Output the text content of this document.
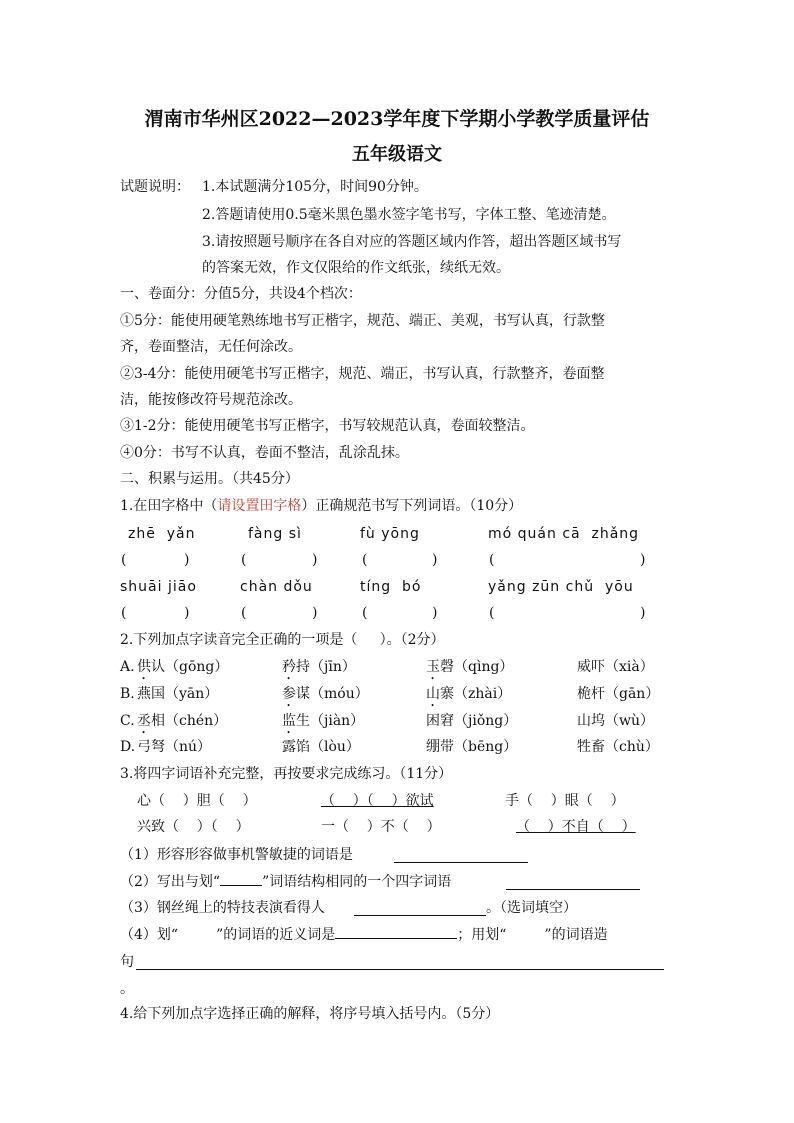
渭南市华州区2022—2023学年度下学期小学教学质量评估
五年级语文
试题说明： 1.本试题满分105分，时间90分钟。
2.答题请使用0.5毫米黑色墨水签字笔书写，字体工整、笔迹清楚。
3.请按照题号顺序在各自对应的答题区域内作答，超出答题区域书写
的答案无效，作文仅限给的作文纸张，续纸无效。
一、卷面分：分值5分，共设4个档次：
①5分：能使用硬笔熟练地书写正楷字，规范、端正、美观，书写认真，行款整
齐，卷面整洁，无任何涂改。
②3-4分：能使用硬笔书写正楷字，规范、端正，书写认真，行款整齐，卷面整
洁，能按修改符号规范涂改。
③1-2分：能使用硬笔书写正楷字，书写较规范认真，卷面较整洁。
④0分：书写不认真，卷面不整洁，乱涂乱抹。
二、积累与运用。（共45分）
1.在田字格中（请设置田字格）正确规范书写下列词语。（10分）
zhē  yǎn	fàng sì	fù yōng	mó quán cā  zhǎng
(	)	(	)	(	)	(	)
shuāi jiāo	chàn dǒu	tíng  bó	yǎng zūn chǔ  yōu
(	)	(	)	(	)	(	)
2.下列加点字读音完全正确的一项是（     ）。（2分）
A. 供认（gōng）	矜持（jīn）	玉磬（qìng）	威吓（xià）
B. 燕国（yān）	参谋（móu）	山寨（zhài）	桅杆（gān）
C. 丞相（chén）	监生（jiàn）	困窘（jiǒng）	山坞（wù）
D. 弓弩（nú）	露馅（lòu）	绷带（bēng）	牲畜（chù）
3.将四字词语补充完整，再按要求完成练习。（11分）
心（    ）胆（    ）	（    ）（    ）欲试	手（    ）眼（    ）
兴致（    ）（    ）	一（    ）不（    ）	（    ）不自（    ）
（1）形容形容做事机警敏捷的词语是
（2）写出与划“	”词语结构相同的一个四字词语
（3）钢丝绳上的特技表演看得人	。（选词填空）
（4）划“	”的词语的近义词是	；用划“	”的词语造
句
。
4.给下列加点字选择正确的解释，将序号填入括号内。（5分）
